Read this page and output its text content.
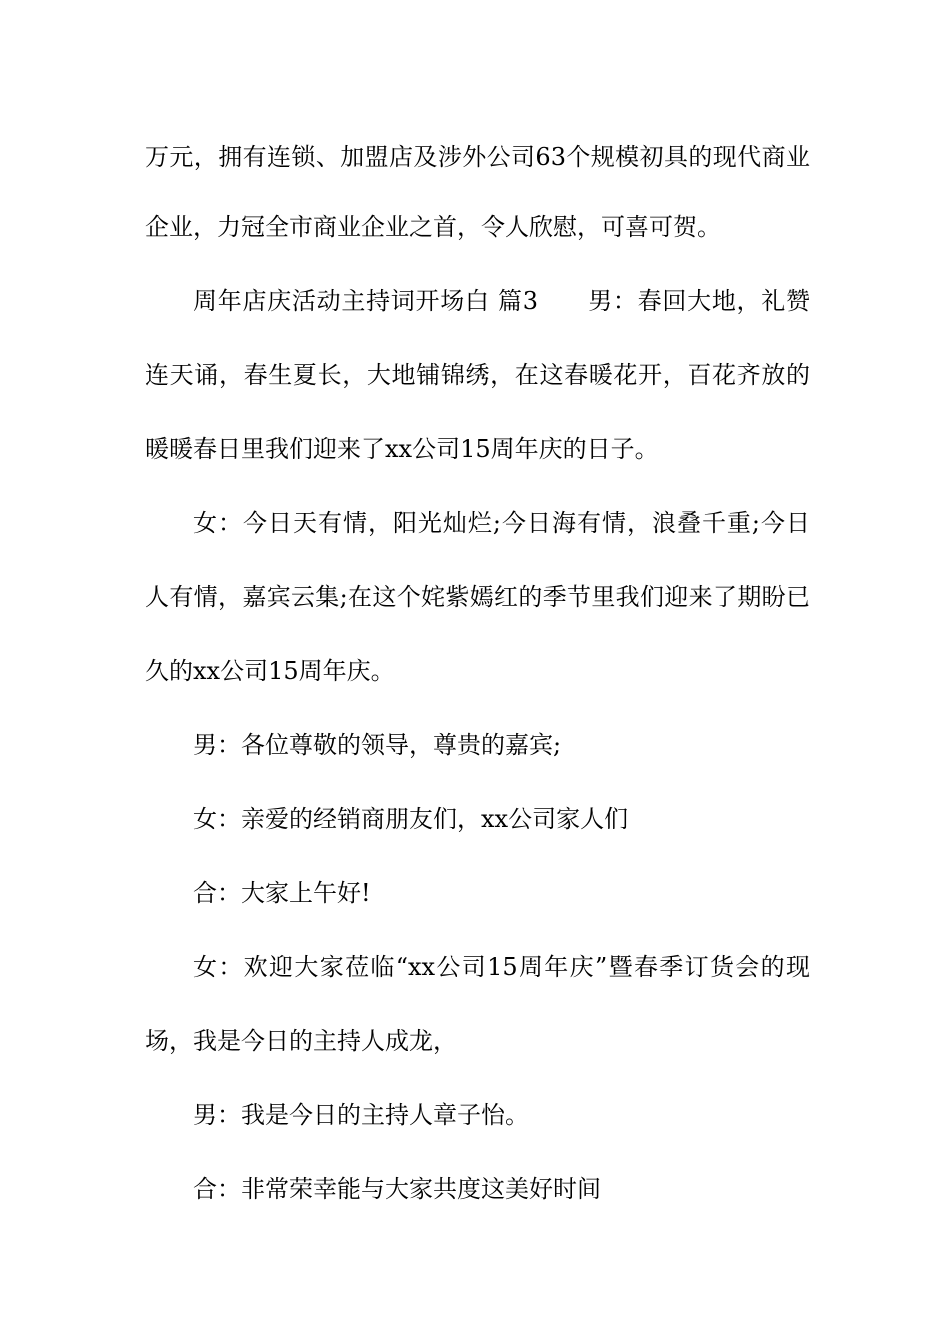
万元，拥有连锁、加盟店及涉外公司63个规模初具的现代商业
企业，力冠全市商业企业之首，令人欣慰，可喜可贺。
周年店庆活动主持词开场白 篇3　　男：春回大地，礼赞
连天诵，春生夏长，大地铺锦绣，在这春暖花开，百花齐放的
暖暖春日里我们迎来了xx公司15周年庆的日子。
女：今日天有情，阳光灿烂;今日海有情，浪叠千重;今日
人有情，嘉宾云集;在这个姹紫嫣红的季节里我们迎来了期盼已
久的xx公司15周年庆。
男：各位尊敬的领导，尊贵的嘉宾;
女：亲爱的经销商朋友们，xx公司家人们
合：大家上午好!
女：欢迎大家莅临“xx公司15周年庆”暨春季订货会的现
场，我是今日的主持人成龙，
男：我是今日的主持人章子怡。
合：非常荣幸能与大家共度这美好时间
